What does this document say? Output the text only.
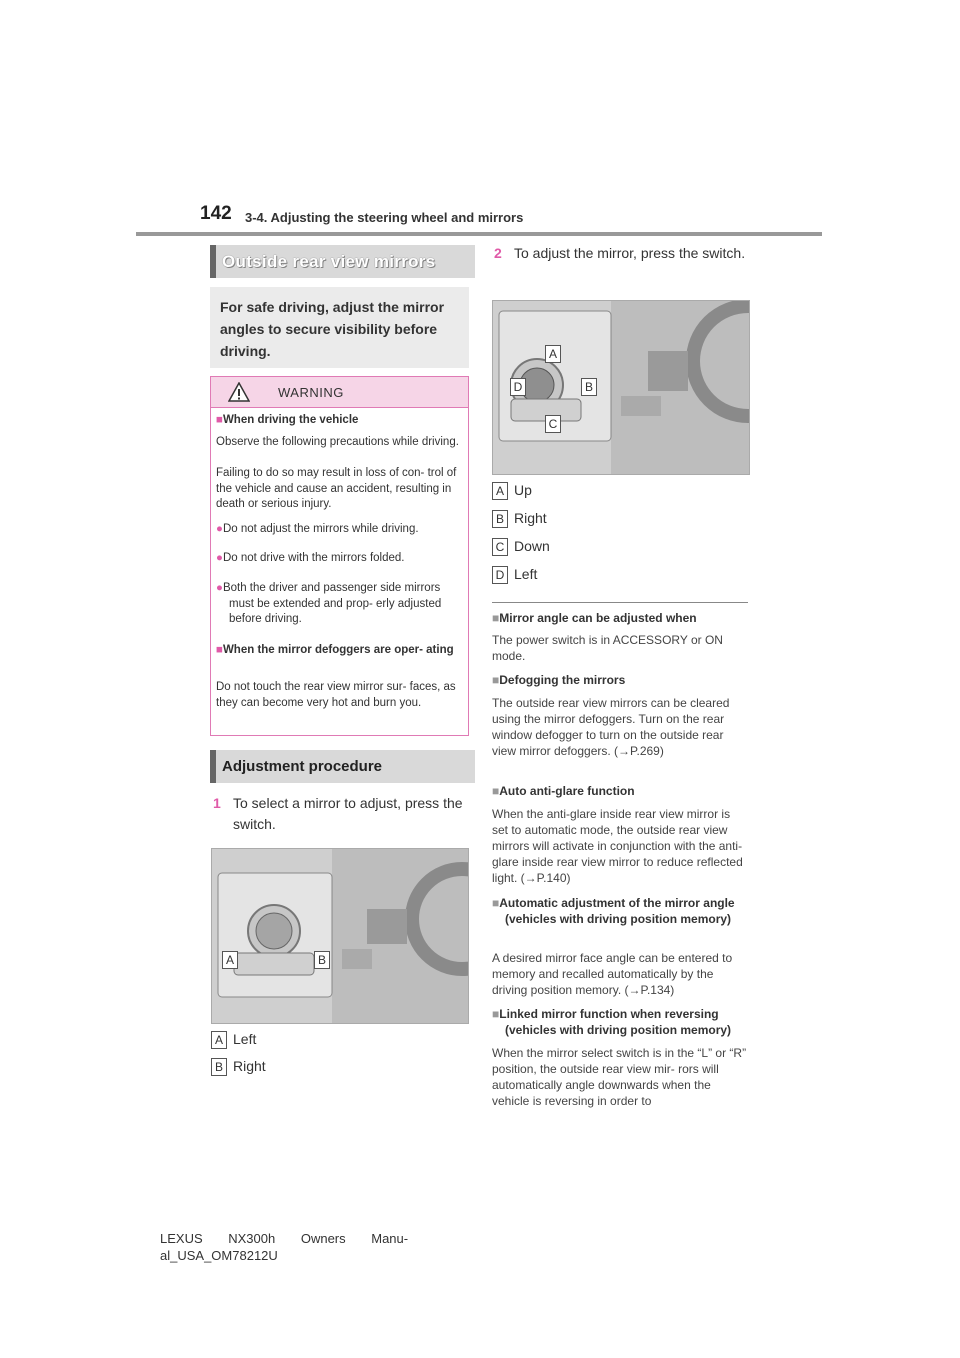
142 3-4. Adjusting the steering wheel and mirrors
Outside rear view mirrors
For safe driving, adjust the mirror angles to secure visibility before driving.
WARNING
■When driving the vehicle
Observe the following precautions while driving.
Failing to do so may result in loss of con- trol of the vehicle and cause an accident, resulting in death or serious injury.
●Do not adjust the mirrors while driving.
●Do not drive with the mirrors folded.
●Both the driver and passenger side mirrors must be extended and prop- erly adjusted before driving.
■When the mirror defoggers are oper- ating
Do not touch the rear view mirror sur- faces, as they can become very hot and burn you.
Adjustment procedure
1 To select a mirror to adjust, press the switch.
A	B
A Left
B Right
2 To adjust the mirror, press the switch.
A
D	B
C
A Up
B Right
C Down
D Left
■Mirror angle can be adjusted when
The power switch is in ACCESSORY or ON mode.
■Defogging the mirrors
The outside rear view mirrors can be cleared using the mirror defoggers. Turn on the rear window defogger to turn on the outside rear view mirror defoggers. (→P.269)
■Auto anti-glare function
When the anti-glare inside rear view mirror is set to automatic mode, the outside rear view mirrors will activate in conjunction with the anti-glare inside rear view mirror to reduce reflected light. (→P.140)
■Automatic adjustment of the mirror angle (vehicles with driving position memory)
A desired mirror face angle can be entered to memory and recalled automatically by the driving position memory. (→P.134)
■Linked mirror function when reversing (vehicles with driving position memory)
When the mirror select switch is in the “L” or “R” position, the outside rear view mir- rors will automatically angle downwards when the vehicle is reversing in order to
LEXUS NX300h Owners Manu-
al_USA_OM78212U
